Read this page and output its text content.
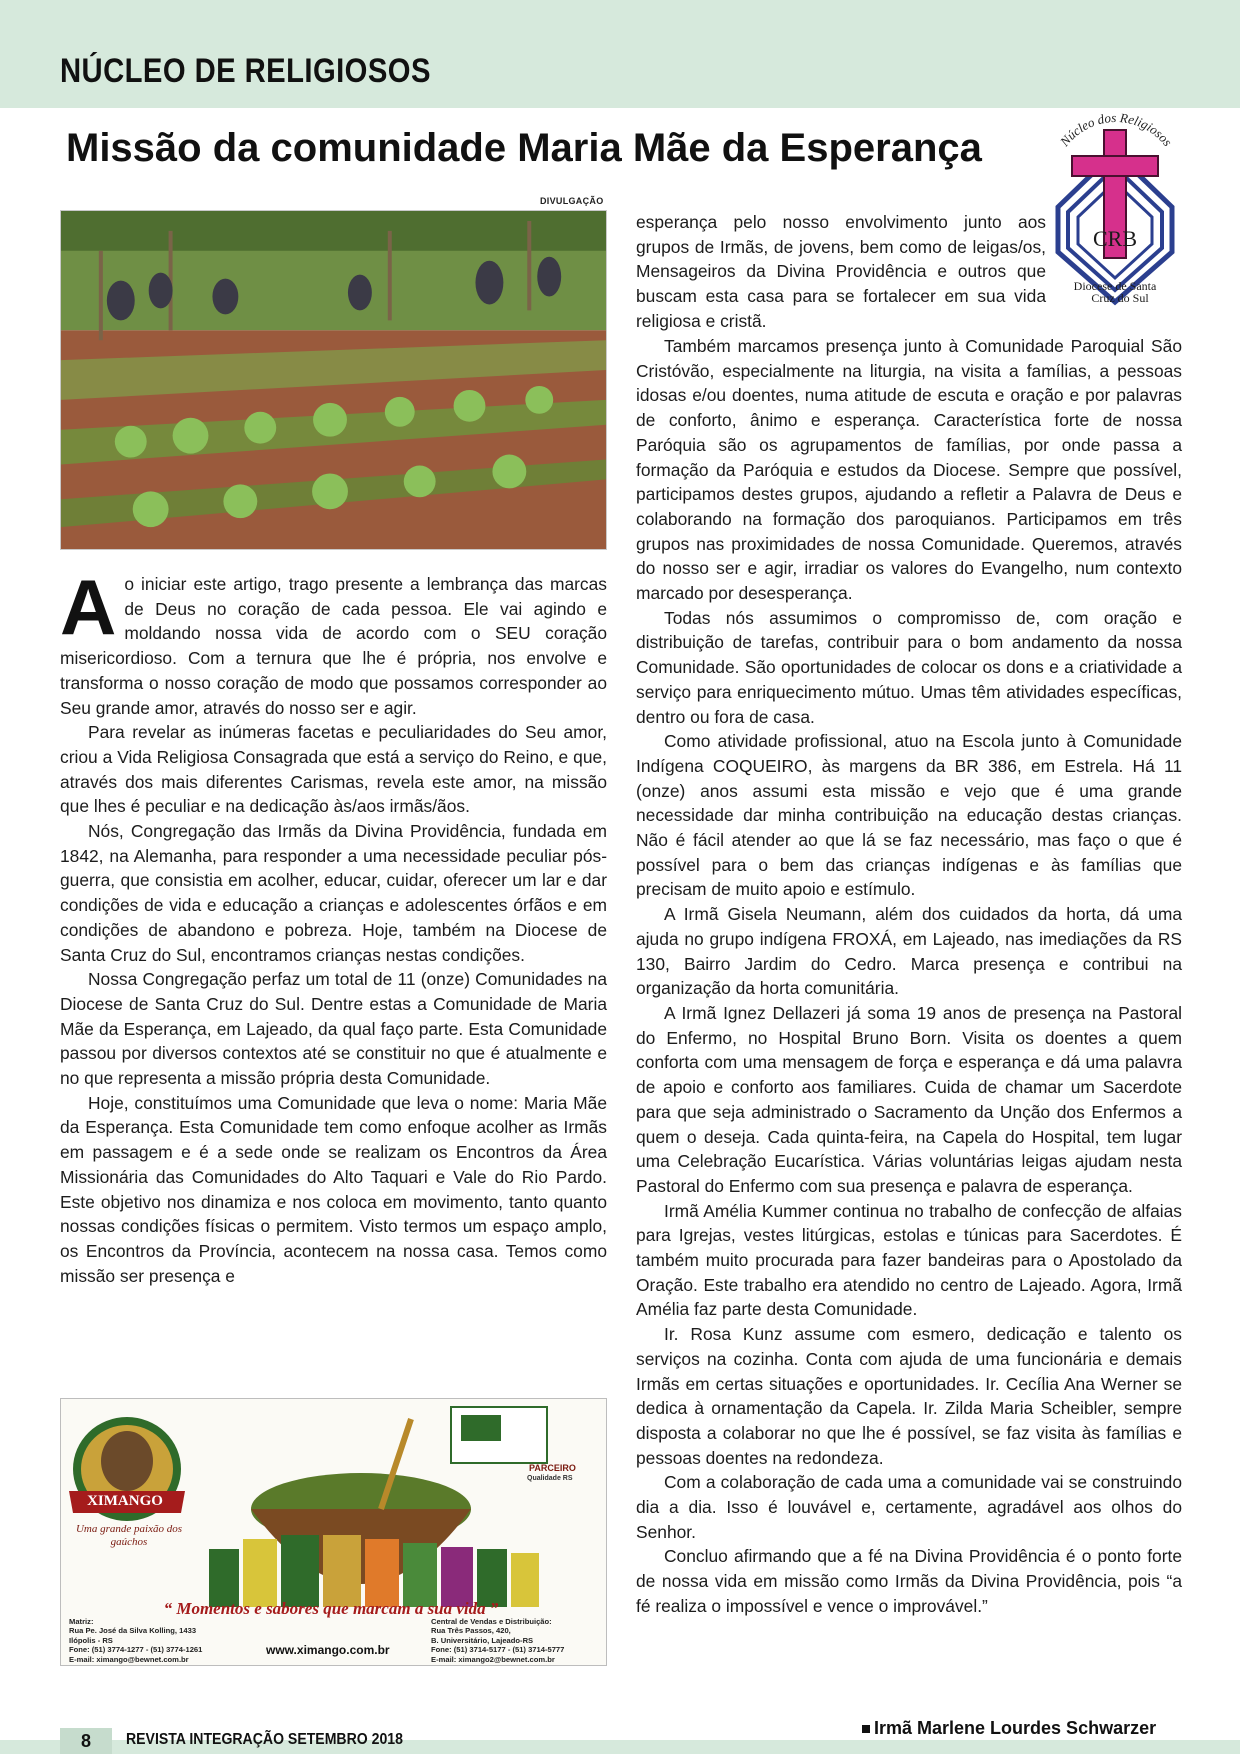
NÚCLEO DE RELIGIOSOS
Missão da comunidade Maria Mãe da Esperança	Núcleo dos Religiosos
CRB
Diocese de Santa
Cruz do Sul
DIVULGAÇÃO

Ao iniciar este artigo, trago presente a lembrança das marcas de Deus no coração de cada pessoa. Ele vai agindo e moldando nossa vida de acordo com o SEU coração misericordioso. Com a ternura que lhe é própria, nos envolve e transforma o nosso coração de modo que possamos corresponder ao Seu grande amor, através do nosso ser e agir.

Para revelar as inúmeras facetas e peculiaridades do Seu amor, criou a Vida Religiosa Consagrada que está a serviço do Reino, e que, através dos mais diferentes Carismas, revela este amor, na missão que lhes é peculiar e na dedicação às/aos irmãs/ãos.

Nós, Congregação das Irmãs da Divina Providência, fundada em 1842, na Alemanha, para responder a uma necessidade peculiar pós-guerra, que consistia em acolher, educar, cuidar, oferecer um lar e dar condições de vida e educação a crianças e adolescentes órfãos e em condições de abandono e pobreza. Hoje, também na Diocese de Santa Cruz do Sul, encontramos crianças nestas condições.

Nossa Congregação perfaz um total de 11 (onze) Comunidades na Diocese de Santa Cruz do Sul. Dentre estas a Comunidade de Maria Mãe da Esperança, em Lajeado, da qual faço parte. Esta Comunidade passou por diversos contextos até se constituir no que é atualmente e no que representa a missão própria desta Comunidade.

Hoje, constituímos uma Comunidade que leva o nome: Maria Mãe da Esperança. Esta Comunidade tem como enfoque acolher as Irmãs em passagem e é a sede onde se realizam os Encontros da Área Missionária das Comunidades do Alto Taquari e Vale do Rio Pardo. Este objetivo nos dinamiza e nos coloca em movimento, tanto quanto nossas condições físicas o permitem. Visto termos um espaço amplo, os Encontros da Província, acontecem na nossa casa. Temos como missão ser presença e

esperança pelo nosso envolvimento junto aos grupos de Irmãs, de jovens, bem como de leigas/os, Mensageiros da Divina Providência e outros que buscam esta casa para se fortalecer em sua vida religiosa e cristã.

Também marcamos presença junto à Comunidade Paroquial São Cristóvão, especialmente na liturgia, na visita a famílias, a pessoas idosas e/ou doentes, numa atitude de escuta e oração e por palavras de conforto, ânimo e esperança. Característica forte de nossa Paróquia são os agrupamentos de famílias, por onde passa a formação da Paróquia e estudos da Diocese. Sempre que possível, participamos destes grupos, ajudando a refletir a Palavra de Deus e colaborando na formação dos paroquianos. Participamos em três grupos nas proximidades de nossa Comunidade. Queremos, através do nosso ser e agir, irradiar os valores do Evangelho, num contexto marcado por desesperança.

Todas nós assumimos o compromisso de, com oração e distribuição de tarefas, contribuir para o bom andamento da nossa Comunidade. São oportunidades de colocar os dons e a criatividade a serviço para enriquecimento mútuo. Umas têm atividades específicas, dentro ou fora de casa.

Como atividade profissional, atuo na Escola junto à Comunidade Indígena COQUEIRO, às margens da BR 386, em Estrela. Há 11 (onze) anos assumi esta missão e vejo que é uma grande necessidade dar minha contribuição na educação destas crianças. Não é fácil atender ao que lá se faz necessário, mas faço o que é possível para o bem das crianças indígenas e às famílias que precisam de muito apoio e estímulo.

A Irmã Gisela Neumann, além dos cuidados da horta, dá uma ajuda no grupo indígena FROXÁ, em Lajeado, nas imediações da RS 130, Bairro Jardim do Cedro. Marca presença e contribui na organização da horta comunitária.

A Irmã Ignez Dellazeri já soma 19 anos de presença na Pastoral do Enfermo, no Hospital Bruno Born. Visita os doentes a quem conforta com uma mensagem de força e esperança e dá uma palavra de apoio e conforto aos familiares. Cuida de chamar um Sacerdote para que seja administrado o Sacramento da Unção dos Enfermos a quem o deseja. Cada quinta-feira, na Capela do Hospital, tem lugar uma Celebração Eucarística. Várias voluntárias leigas ajudam nesta Pastoral do Enfermo com sua presença e palavra de esperança.

Irmã Amélia Kummer continua no trabalho de confecção de alfaias para Igrejas, vestes litúrgicas, estolas e túnicas para Sacerdotes. É também muito procurada para fazer bandeiras para o Apostolado da Oração. Este trabalho era atendido no centro de Lajeado. Agora, Irmã Amélia faz parte desta Comunidade.

Ir. Rosa Kunz assume com esmero, dedicação e talento os serviços na cozinha. Conta com ajuda de uma funcionária e demais Irmãs em certas situações e oportunidades. Ir. Cecília Ana Werner se dedica à ornamentação da Capela. Ir. Zilda Maria Scheibler, sempre disposta a colaborar no que lhe é possível, se faz visita às famílias e pessoas doentes na redondeza.

Com a colaboração de cada uma a comunidade vai se construindo dia a dia. Isso é louvável e, certamente, agradável aos olhos do Senhor.

Concluo afirmando que a fé na Divina Providência é o ponto forte de nossa vida em missão como Irmãs da Divina Providência, pois “a fé realiza o impossível e vence o improvável.”

Irmã Marlene Lourdes Schwarzer
XIMANGO
Uma grande paixão dos gaúchos
PARCEIRO
Qualidade RS
“ Momentos e sabores que marcam a sua vida ”
Matriz:
Rua Pe. José da Silva Kolling, 1433
Ilópolis - RS
Fone: (51) 3774-1277 - (51) 3774-1261
E-mail: ximango@bewnet.com.br
www.ximango.com.br
Central de Vendas e Distribuição:
Rua Três Passos, 420,
B. Universitário, Lajeado-RS
Fone: (51) 3714-5177 - (51) 3714-5777
E-mail: ximango2@bewnet.com.br
8	REVISTA INTEGRAÇÃO SETEMBRO 2018
